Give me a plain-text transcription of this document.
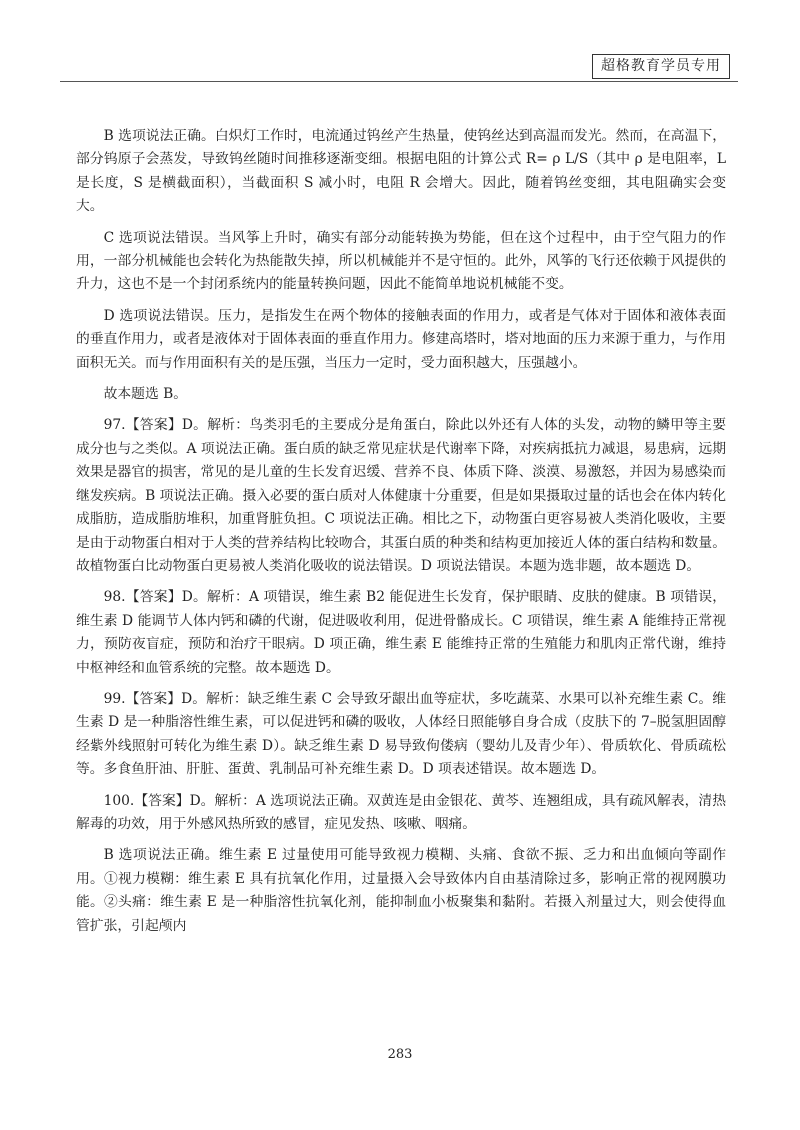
超格教育学员专用

B 选项说法正确。白炽灯工作时，电流通过钨丝产生热量，使钨丝达到高温而发光。然而，在高温下，部分钨原子会蒸发，导致钨丝随时间推移逐渐变细。根据电阻的计算公式 R= ρ L/S（其中 ρ 是电阻率，L 是长度，S 是横截面积），当截面积 S 减小时，电阻 R 会增大。因此，随着钨丝变细，其电阻确实会变大。

C 选项说法错误。当风筝上升时，确实有部分动能转换为势能，但在这个过程中，由于空气阻力的作用，一部分机械能也会转化为热能散失掉，所以机械能并不是守恒的。此外，风筝的飞行还依赖于风提供的升力，这也不是一个封闭系统内的能量转换问题，因此不能简单地说机械能不变。

D 选项说法错误。压力，是指发生在两个物体的接触表面的作用力，或者是气体对于固体和液体表面的垂直作用力，或者是液体对于固体表面的垂直作用力。修建高塔时，塔对地面的压力来源于重力，与作用面积无关。而与作用面积有关的是压强，当压力一定时，受力面积越大，压强越小。

故本题选 B。

97.【答案】D。解析：鸟类羽毛的主要成分是角蛋白，除此以外还有人体的头发，动物的鳞甲等主要成分也与之类似。A 项说法正确。蛋白质的缺乏常见症状是代谢率下降，对疾病抵抗力减退，易患病，远期效果是器官的损害，常见的是儿童的生长发育迟缓、营养不良、体质下降、淡漠、易激怒，并因为易感染而继发疾病。B 项说法正确。摄入必要的蛋白质对人体健康十分重要，但是如果摄取过量的话也会在体内转化成脂肪，造成脂肪堆积，加重肾脏负担。C 项说法正确。相比之下，动物蛋白更容易被人类消化吸收，主要是由于动物蛋白相对于人类的营养结构比较吻合，其蛋白质的种类和结构更加接近人体的蛋白结构和数量。故植物蛋白比动物蛋白更易被人类消化吸收的说法错误。D 项说法错误。本题为选非题，故本题选 D。

98.【答案】D。解析：A 项错误，维生素 B2 能促进生长发育，保护眼睛、皮肤的健康。B 项错误，维生素 D 能调节人体内钙和磷的代谢，促进吸收利用，促进骨骼成长。C 项错误，维生素 A 能维持正常视力，预防夜盲症，预防和治疗干眼病。D 项正确，维生素 E 能维持正常的生殖能力和肌肉正常代谢，维持中枢神经和血管系统的完整。故本题选 D。

99.【答案】D。解析：缺乏维生素 C 会导致牙龈出血等症状，多吃蔬菜、水果可以补充维生素 C。维生素 D 是一种脂溶性维生素，可以促进钙和磷的吸收，人体经日照能够自身合成（皮肤下的 7–脱氢胆固醇经紫外线照射可转化为维生素 D）。缺乏维生素 D 易导致佝偻病（婴幼儿及青少年）、骨质软化、骨质疏松等。多食鱼肝油、肝脏、蛋黄、乳制品可补充维生素 D。D 项表述错误。故本题选 D。

100.【答案】D。解析：A 选项说法正确。双黄连是由金银花、黄芩、连翘组成，具有疏风解表，清热解毒的功效，用于外感风热所致的感冒，症见发热、咳嗽、咽痛。

B 选项说法正确。维生素 E 过量使用可能导致视力模糊、头痛、食欲不振、乏力和出血倾向等副作用。①视力模糊：维生素 E 具有抗氧化作用，过量摄入会导致体内自由基清除过多，影响正常的视网膜功能。②头痛：维生素 E 是一种脂溶性抗氧化剂，能抑制血小板聚集和黏附。若摄入剂量过大，则会使得血管扩张，引起颅内

283
